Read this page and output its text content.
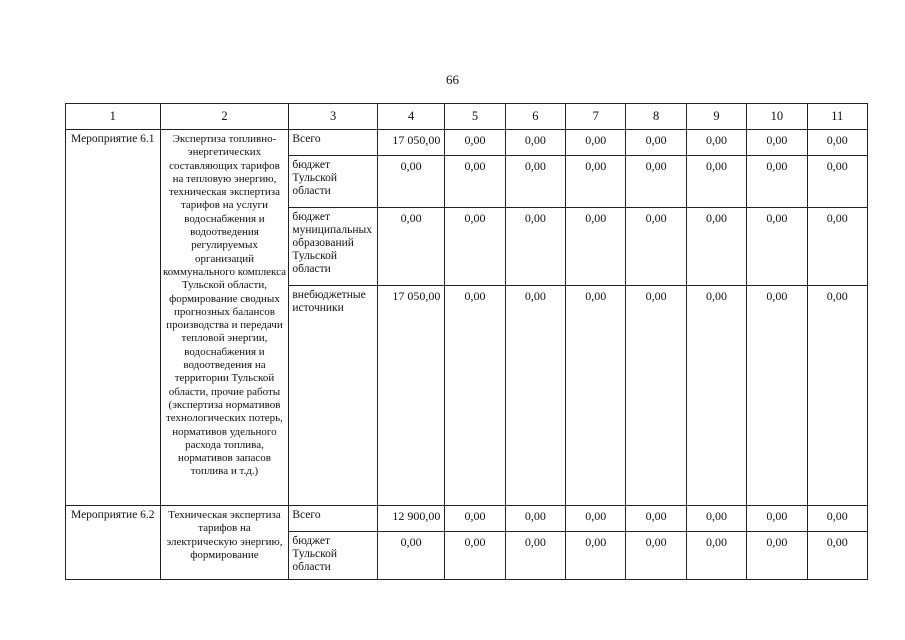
66
1	2	3	4	5	6	7	8	9	10	11
Мероприятие 6.1	Экспертиза топливно-энергетических составляющих тарифов на тепловую энергию, техническая экспертиза тарифов на услуги водоснабжения и водоотведения регулируемых организаций коммунального комплекса Тульской области, формирование сводных прогнозных балансов производства и передачи тепловой энергии, водоснабжения и водоотведения на территории Тульской области, прочие работы (экспертиза нормативов технологических потерь, нормативов удельного расхода топлива, нормативов запасов топлива и т.д.)	Всего	17 050,00	0,00	0,00	0,00	0,00	0,00	0,00	0,00
		бюджет Тульской области	0,00	0,00	0,00	0,00	0,00	0,00	0,00	0,00
		бюджет муниципальных образований Тульской области	0,00	0,00	0,00	0,00	0,00	0,00	0,00	0,00
		внебюджетные источники	17 050,00	0,00	0,00	0,00	0,00	0,00	0,00	0,00
Мероприятие 6.2	Техническая экспертиза тарифов на электрическую энергию, формирование	Всего	12 900,00	0,00	0,00	0,00	0,00	0,00	0,00	0,00
		бюджет Тульской области	0,00	0,00	0,00	0,00	0,00	0,00	0,00	0,00
